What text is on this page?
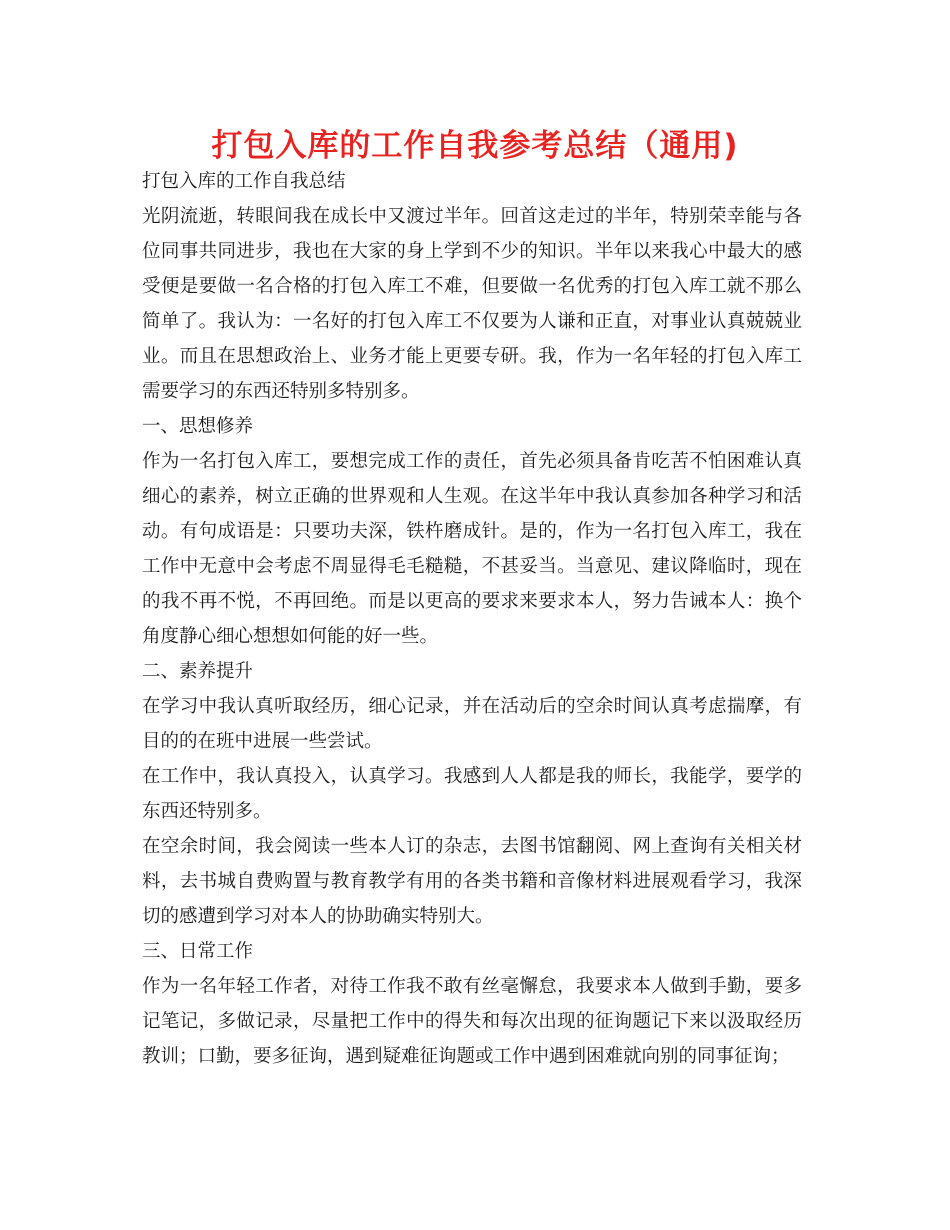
打包入库的工作自我参考总结（通用)

打包入库的工作自我总结

光阴流逝，转眼间我在成长中又渡过半年。回首这走过的半年，特别荣幸能与各位同事共同进步，我也在大家的身上学到不少的知识。半年以来我心中最大的感受便是要做一名合格的打包入库工不难，但要做一名优秀的打包入库工就不那么简单了。我认为：一名好的打包入库工不仅要为人谦和正直，对事业认真兢兢业业。而且在思想政治上、业务才能上更要专研。我，作为一名年轻的打包入库工需要学习的东西还特别多特别多。

一、思想修养

作为一名打包入库工，要想完成工作的责任，首先必须具备肯吃苦不怕困难认真细心的素养，树立正确的世界观和人生观。在这半年中我认真参加各种学习和活动。有句成语是：只要功夫深，铁杵磨成针。是的，作为一名打包入库工，我在工作中无意中会考虑不周显得毛毛糙糙，不甚妥当。当意见、建议降临时，现在的我不再不悦，不再回绝。而是以更高的要求来要求本人，努力告诫本人：换个角度静心细心想想如何能的好一些。

二、素养提升

在学习中我认真听取经历，细心记录，并在活动后的空余时间认真考虑揣摩，有目的的在班中进展一些尝试。

在工作中，我认真投入，认真学习。我感到人人都是我的师长，我能学，要学的东西还特别多。

在空余时间，我会阅读一些本人订的杂志，去图书馆翻阅、网上查询有关相关材料，去书城自费购置与教育教学有用的各类书籍和音像材料进展观看学习，我深切的感遭到学习对本人的协助确实特别大。

三、日常工作

作为一名年轻工作者，对待工作我不敢有丝毫懈怠，我要求本人做到手勤，要多记笔记，多做记录，尽量把工作中的得失和每次出现的征询题记下来以汲取经历教训；口勤，要多征询，遇到疑难征询题或工作中遇到困难就向别的同事征询；
